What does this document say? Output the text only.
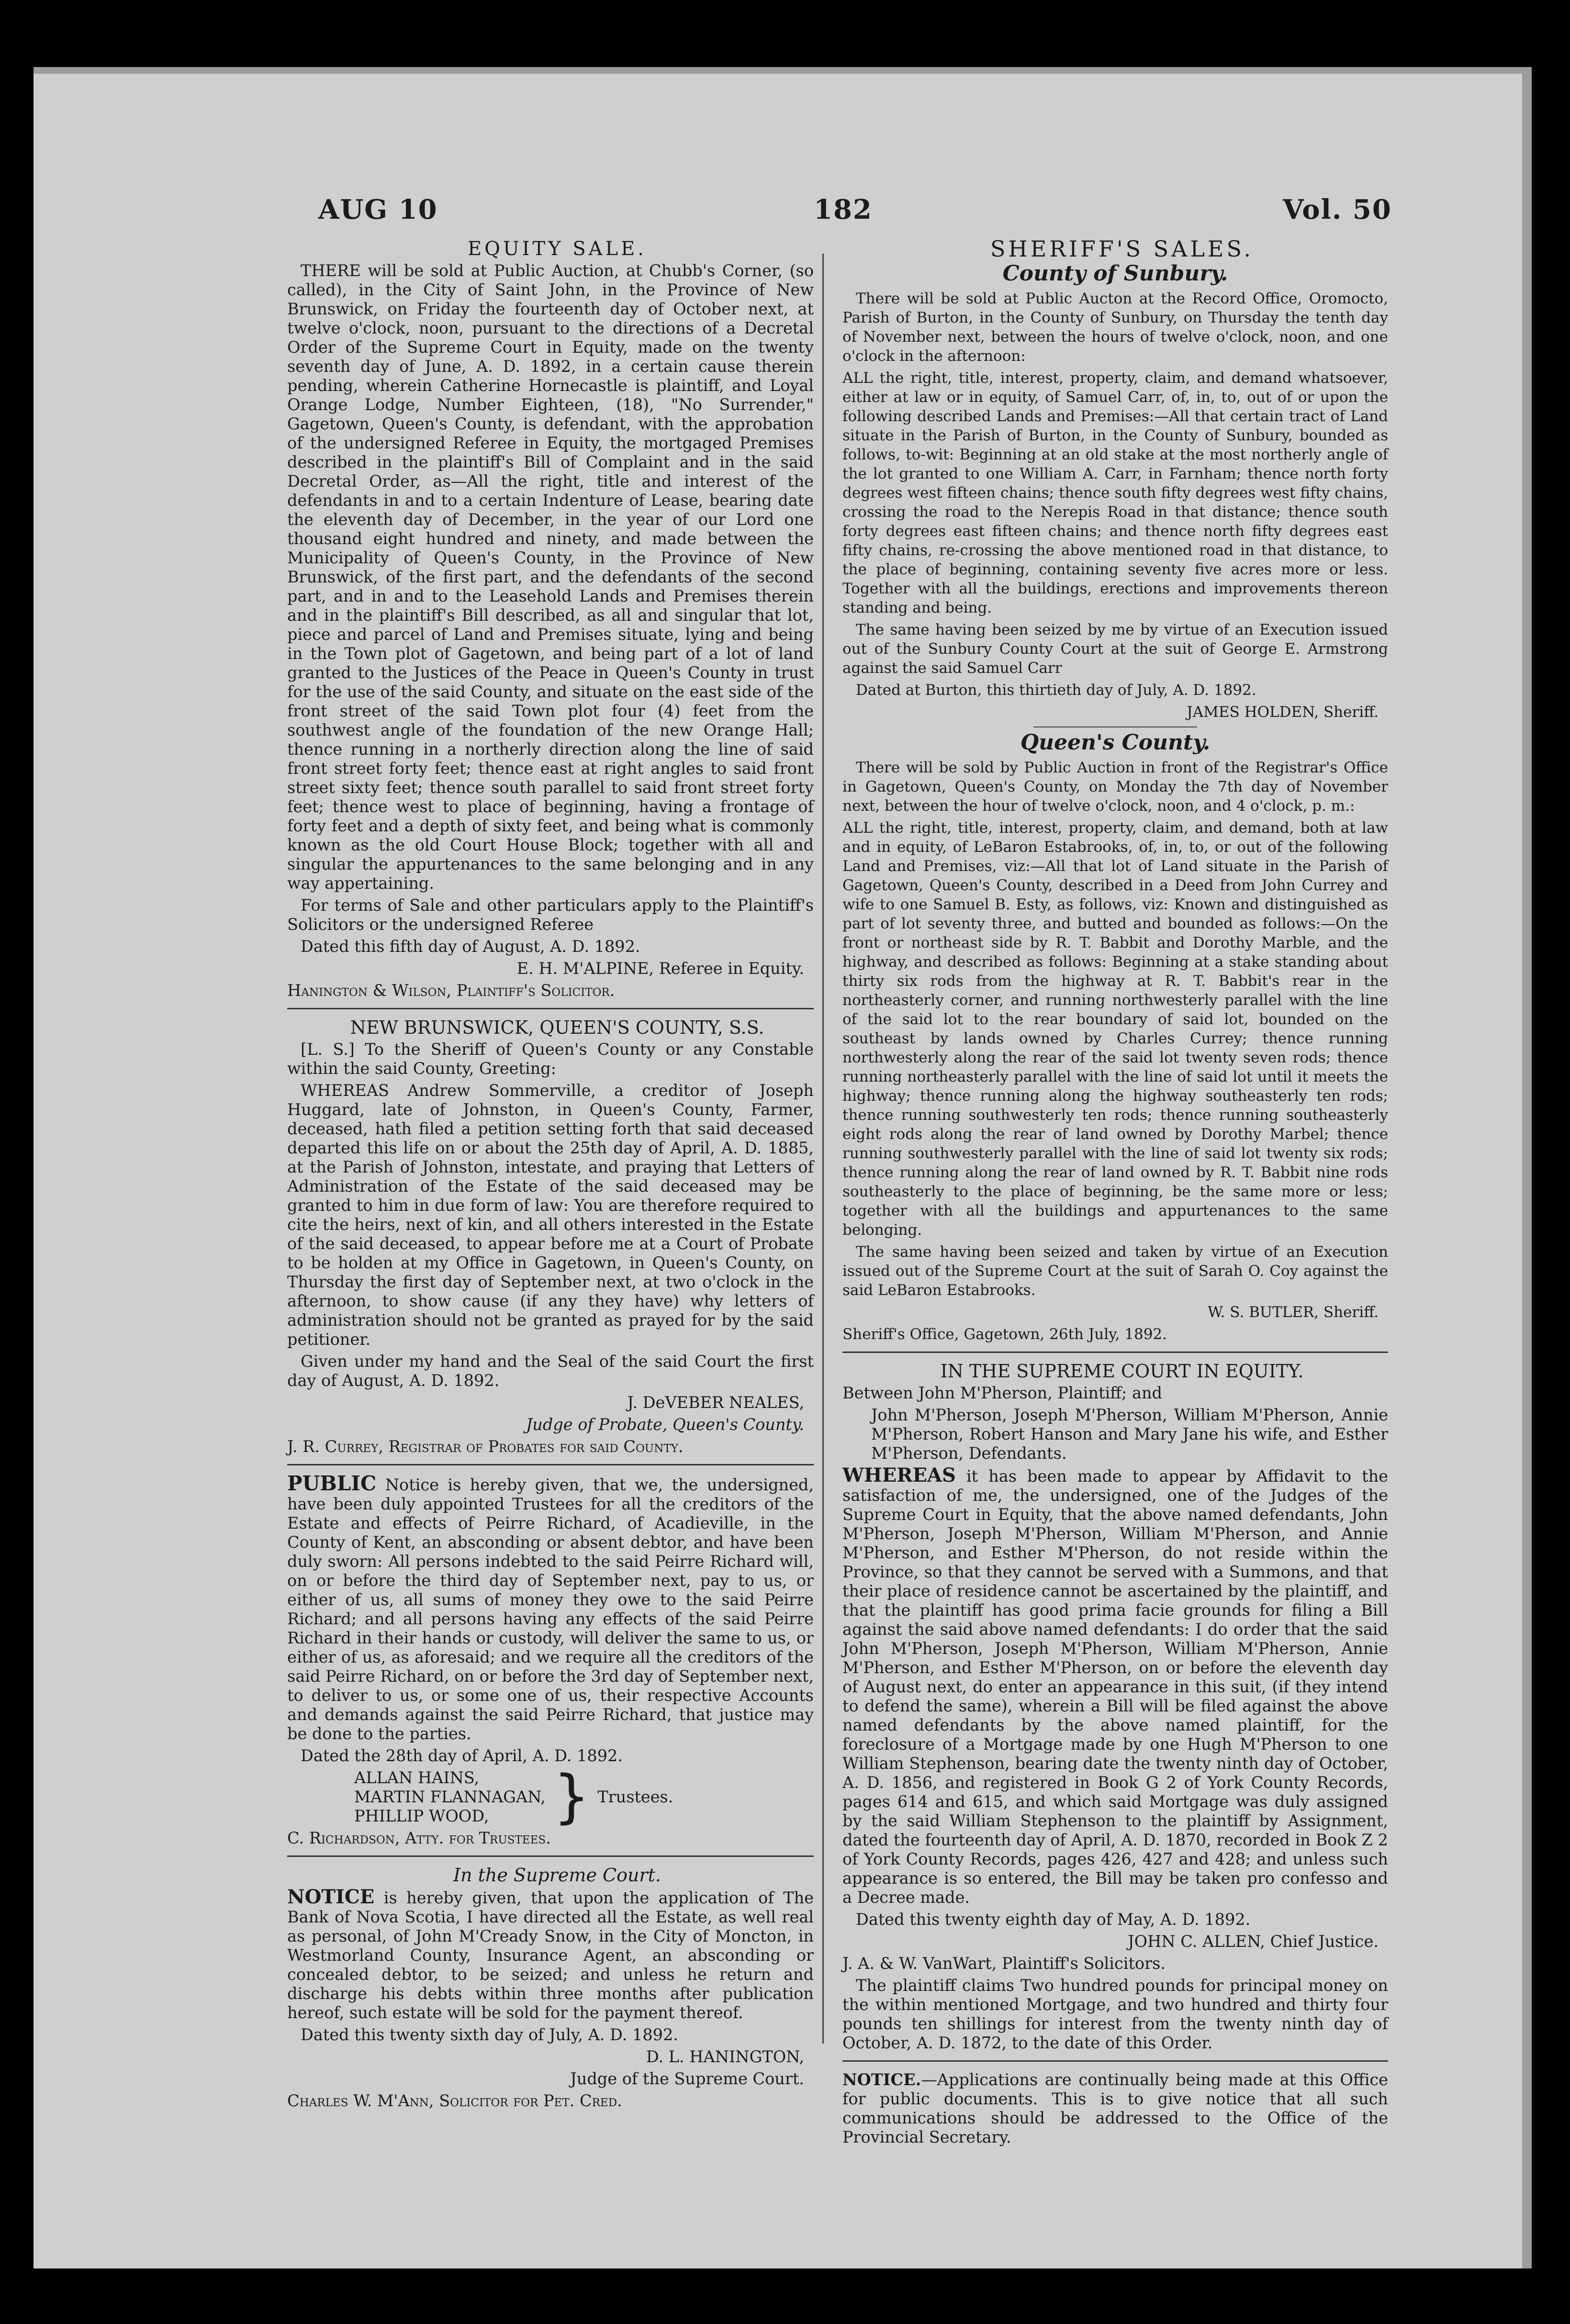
AUG 10	182	Vol. 50

EQUITY SALE.

THERE will be sold at Public Auction, at Chubb's Corner, (so called), in the City of Saint John, in the Province of New Brunswick, on Friday the fourteenth day of October next, at twelve o'clock, noon, pursuant to the directions of a Decretal Order of the Supreme Court in Equity, made on the twenty seventh day of June, A. D. 1892, in a certain cause therein pending, wherein Catherine Hornecastle is plaintiff, and Loyal Orange Lodge, Number Eighteen, (18), "No Surrender," Gagetown, Queen's County, is defendant, with the approbation of the undersigned Referee in Equity, the mortgaged Premises described in the plaintiff's Bill of Complaint and in the said Decretal Order, as—All the right, title and interest of the defendants in and to a certain Indenture of Lease, bearing date the eleventh day of December, in the year of our Lord one thousand eight hundred and ninety, and made between the Municipality of Queen's County, in the Province of New Brunswick, of the first part, and the defendants of the second part, and in and to the Leasehold Lands and Premises therein and in the plaintiff's Bill described, as all and singular that lot, piece and parcel of Land and Premises situate, lying and being in the Town plot of Gagetown, and being part of a lot of land granted to the Justices of the Peace in Queen's County in trust for the use of the said County, and situate on the east side of the front street of the said Town plot four (4) feet from the southwest angle of the foundation of the new Orange Hall; thence running in a northerly direction along the line of said front street forty feet; thence east at right angles to said front street sixty feet; thence south parallel to said front street forty feet; thence west to place of beginning, having a frontage of forty feet and a depth of sixty feet, and being what is commonly known as the old Court House Block; together with all and singular the appurtenances to the same belonging and in any way appertaining.

For terms of Sale and other particulars apply to the Plaintiff's Solicitors or the undersigned Referee

Dated this fifth day of August, A. D. 1892.

E. H. M'ALPINE, Referee in Equity.

Hanington & Wilson, Plaintiff's Solicitor.

NEW BRUNSWICK, QUEEN'S COUNTY, S.S.

[L. S.] To the Sheriff of Queen's County or any Constable within the said County, Greeting:

WHEREAS Andrew Sommerville, a creditor of Joseph Huggard, late of Johnston, in Queen's County, Farmer, deceased, hath filed a petition setting forth that said deceased departed this life on or about the 25th day of April, A. D. 1885, at the Parish of Johnston, intestate, and praying that Letters of Administration of the Estate of the said deceased may be granted to him in due form of law: You are therefore required to cite the heirs, next of kin, and all others interested in the Estate of the said deceased, to appear before me at a Court of Probate to be holden at my Office in Gagetown, in Queen's County, on Thursday the first day of September next, at two o'clock in the afternoon, to show cause (if any they have) why letters of administration should not be granted as prayed for by the said petitioner.

Given under my hand and the Seal of the said Court the first day of August, A. D. 1892.

J. DeVEBER NEALES,

Judge of Probate, Queen's County.

J. R. Currey, Registrar of Probates for said County.

PUBLIC Notice is hereby given, that we, the undersigned, have been duly appointed Trustees for all the creditors of the Estate and effects of Peirre Richard, of Acadieville, in the County of Kent, an absconding or absent debtor, and have been duly sworn: All persons indebted to the said Peirre Richard will, on or before the third day of September next, pay to us, or either of us, all sums of money they owe to the said Peirre Richard; and all persons having any effects of the said Peirre Richard in their hands or custody, will deliver the same to us, or either of us, as aforesaid; and we require all the creditors of the said Peirre Richard, on or before the 3rd day of September next, to deliver to us, or some one of us, their respective Accounts and demands against the said Peirre Richard, that justice may be done to the parties.

Dated the 28th day of April, A. D. 1892.

ALLAN HAINS,
MARTIN FLANNAGAN,
PHILLIP WOOD,	} Trustees.

C. Richardson, Atty. for Trustees.

In the Supreme Court.

NOTICE is hereby given, that upon the application of The Bank of Nova Scotia, I have directed all the Estate, as well real as personal, of John M'Cready Snow, in the City of Moncton, in Westmorland County, Insurance Agent, an absconding or concealed debtor, to be seized; and unless he return and discharge his debts within three months after publication hereof, such estate will be sold for the payment thereof.

Dated this twenty sixth day of July, A. D. 1892.

D. L. HANINGTON,

Judge of the Supreme Court.

Charles W. M'Ann, Solicitor for Pet. Cred.

SHERIFF'S SALES.

County of Sunbury.

There will be sold at Public Aucton at the Record Office, Oromocto, Parish of Burton, in the County of Sunbury, on Thursday the tenth day of November next, between the hours of twelve o'clock, noon, and one o'clock in the afternoon:

ALL the right, title, interest, property, claim, and demand whatsoever, either at law or in equity, of Samuel Carr, of, in, to, out of or upon the following described Lands and Premises:—All that certain tract of Land situate in the Parish of Burton, in the County of Sunbury, bounded as follows, to-wit: Beginning at an old stake at the most northerly angle of the lot granted to one William A. Carr, in Farnham; thence north forty degrees west fifteen chains; thence south fifty degrees west fifty chains, crossing the road to the Nerepis Road in that distance; thence south forty degrees east fifteen chains; and thence north fifty degrees east fifty chains, re-crossing the above mentioned road in that distance, to the place of beginning, containing seventy five acres more or less. Together with all the buildings, erections and improvements thereon standing and being.

The same having been seized by me by virtue of an Execution issued out of the Sunbury County Court at the suit of George E. Armstrong against the said Samuel Carr

Dated at Burton, this thirtieth day of July, A. D. 1892.

JAMES HOLDEN, Sheriff.

Queen's County.

There will be sold by Public Auction in front of the Registrar's Office in Gagetown, Queen's County, on Monday the 7th day of November next, between the hour of twelve o'clock, noon, and 4 o'clock, p. m.:

ALL the right, title, interest, property, claim, and demand, both at law and in equity, of LeBaron Estabrooks, of, in, to, or out of the following Land and Premises, viz:—All that lot of Land situate in the Parish of Gagetown, Queen's County, described in a Deed from John Currey and wife to one Samuel B. Esty, as follows, viz: Known and distinguished as part of lot seventy three, and butted and bounded as follows:—On the front or northeast side by R. T. Babbit and Dorothy Marble, and the highway, and described as follows: Beginning at a stake standing about thirty six rods from the highway at R. T. Babbit's rear in the northeasterly corner, and running northwesterly parallel with the line of the said lot to the rear boundary of said lot, bounded on the southeast by lands owned by Charles Currey; thence running northwesterly along the rear of the said lot twenty seven rods; thence running northeasterly parallel with the line of said lot until it meets the highway; thence running along the highway southeasterly ten rods; thence running southwesterly ten rods; thence running southeasterly eight rods along the rear of land owned by Dorothy Marbel; thence running southwesterly parallel with the line of said lot twenty six rods; thence running along the rear of land owned by R. T. Babbit nine rods southeasterly to the place of beginning, be the same more or less; together with all the buildings and appurtenances to the same belonging.

The same having been seized and taken by virtue of an Execution issued out of the Supreme Court at the suit of Sarah O. Coy against the said LeBaron Estabrooks.

W. S. BUTLER, Sheriff.

Sheriff's Office, Gagetown, 26th July, 1892.

IN THE SUPREME COURT IN EQUITY.

Between John M'Pherson, Plaintiff; and

John M'Pherson, Joseph M'Pherson, William M'Pherson, Annie M'Pherson, Robert Hanson and Mary Jane his wife, and Esther M'Pherson, Defendants.

WHEREAS it has been made to appear by Affidavit to the satisfaction of me, the undersigned, one of the Judges of the Supreme Court in Equity, that the above named defendants, John M'Pherson, Joseph M'Pherson, William M'Pherson, and Annie M'Pherson, and Esther M'Pherson, do not reside within the Province, so that they cannot be served with a Summons, and that their place of residence cannot be ascertained by the plaintiff, and that the plaintiff has good prima facie grounds for filing a Bill against the said above named defendants: I do order that the said John M'Pherson, Joseph M'Pherson, William M'Pherson, Annie M'Pherson, and Esther M'Pherson, on or before the eleventh day of August next, do enter an appearance in this suit, (if they intend to defend the same), wherein a Bill will be filed against the above named defendants by the above named plaintiff, for the foreclosure of a Mortgage made by one Hugh M'Pherson to one William Stephenson, bearing date the twenty ninth day of October, A. D. 1856, and registered in Book G 2 of York County Records, pages 614 and 615, and which said Mortgage was duly assigned by the said William Stephenson to the plaintiff by Assignment, dated the fourteenth day of April, A. D. 1870, recorded in Book Z 2 of York County Records, pages 426, 427 and 428; and unless such appearance is so entered, the Bill may be taken pro confesso and a Decree made.

Dated this twenty eighth day of May, A. D. 1892.

JOHN C. ALLEN, Chief Justice.

J. A. & W. VanWart, Plaintiff's Solicitors.

The plaintiff claims Two hundred pounds for principal money on the within mentioned Mortgage, and two hundred and thirty four pounds ten shillings for interest from the twenty ninth day of October, A. D. 1872, to the date of this Order.

NOTICE.—Applications are continually being made at this Office for public documents. This is to give notice that all such communications should be addressed to the Office of the Provincial Secretary.
